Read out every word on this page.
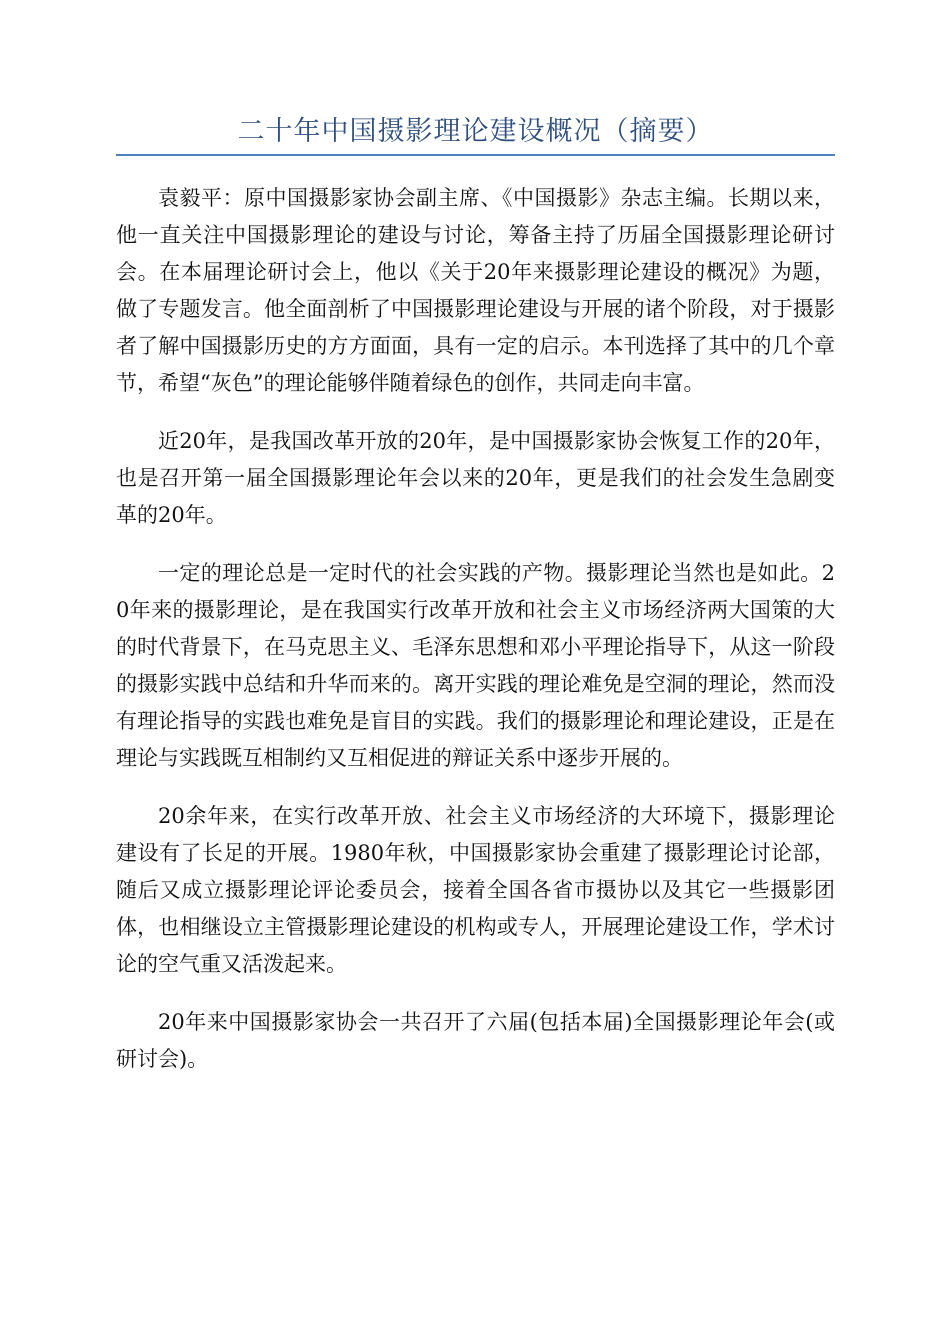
二十年中国摄影理论建设概况（摘要）

袁毅平：原中国摄影家协会副主席、《中国摄影》杂志主编。长期以来，他一直关注中国摄影理论的建设与讨论，筹备主持了历届全国摄影理论研讨会。在本届理论研讨会上，他以《关于20年来摄影理论建设的概况》为题，做了专题发言。他全面剖析了中国摄影理论建设与开展的诸个阶段，对于摄影者了解中国摄影历史的方方面面，具有一定的启示。本刊选择了其中的几个章节，希望“灰色”的理论能够伴随着绿色的创作，共同走向丰富。

近20年，是我国改革开放的20年，是中国摄影家协会恢复工作的20年，也是召开第一届全国摄影理论年会以来的20年，更是我们的社会发生急剧变革的20年。

一定的理论总是一定时代的社会实践的产物。摄影理论当然也是如此。20年来的摄影理论，是在我国实行改革开放和社会主义市场经济两大国策的大的时代背景下，在马克思主义、毛泽东思想和邓小平理论指导下，从这一阶段的摄影实践中总结和升华而来的。离开实践的理论难免是空洞的理论，然而没有理论指导的实践也难免是盲目的实践。我们的摄影理论和理论建设，正是在理论与实践既互相制约又互相促进的辩证关系中逐步开展的。

20余年来，在实行改革开放、社会主义市场经济的大环境下，摄影理论建设有了长足的开展。1980年秋，中国摄影家协会重建了摄影理论讨论部，随后又成立摄影理论评论委员会，接着全国各省市摄协以及其它一些摄影团体，也相继设立主管摄影理论建设的机构或专人，开展理论建设工作，学术讨论的空气重又活泼起来。

20年来中国摄影家协会一共召开了六届(包括本届)全国摄影理论年会(或研讨会)。
